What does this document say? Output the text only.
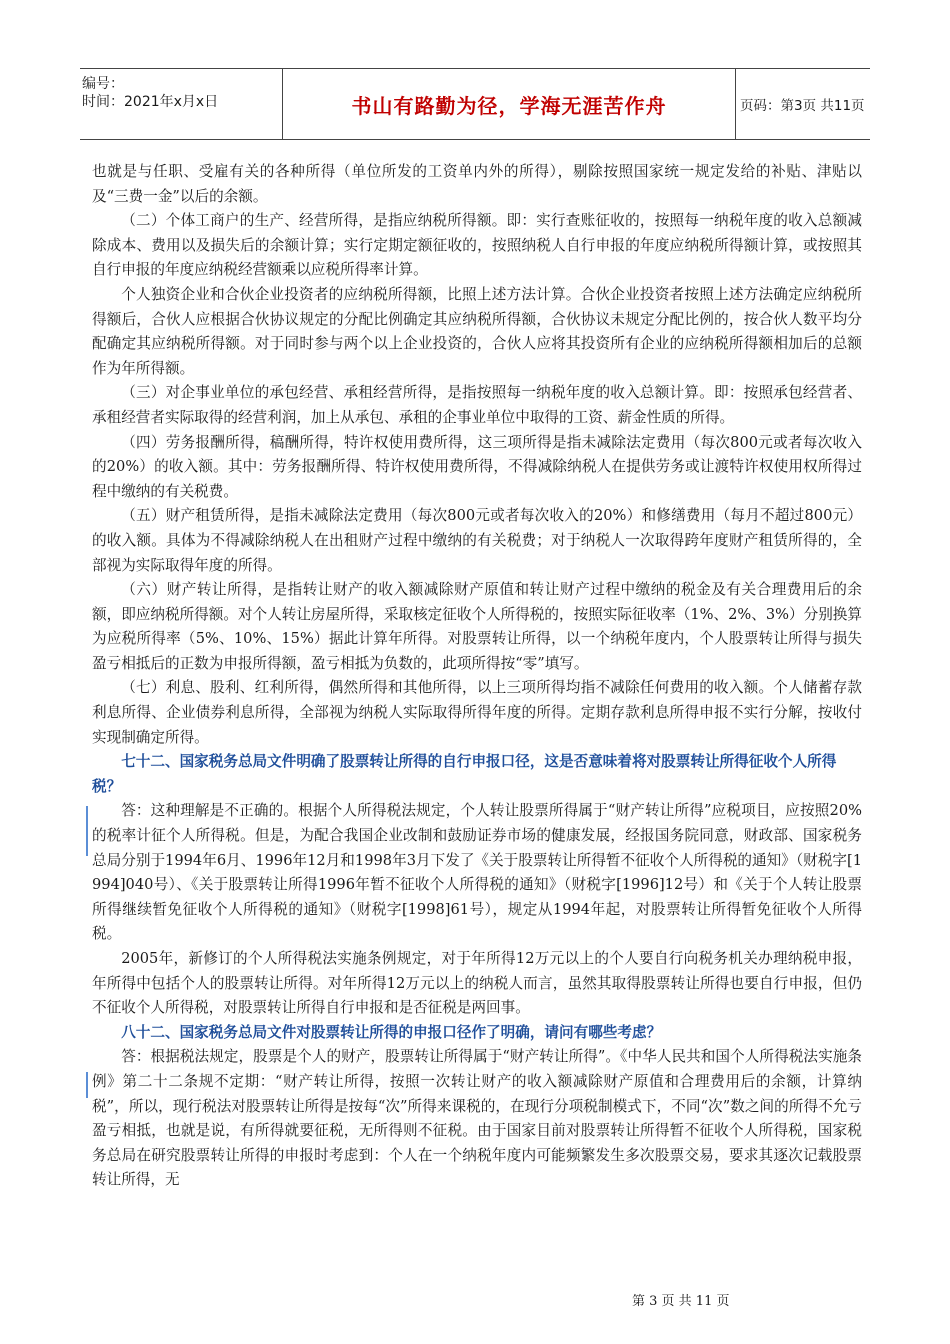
编号：
时间：2021年x月x日	书山有路勤为径，学海无涯苦作舟	页码：第3页 共11页

也就是与任职、受雇有关的各种所得（单位所发的工资单内外的所得），剔除按照国家统一规定发给的补贴、津贴以及“三费一金”以后的余额。

（二）个体工商户的生产、经营所得，是指应纳税所得额。即：实行查账征收的，按照每一纳税年度的收入总额减除成本、费用以及损失后的余额计算；实行定期定额征收的，按照纳税人自行申报的年度应纳税所得额计算，或按照其自行申报的年度应纳税经营额乘以应税所得率计算。

个人独资企业和合伙企业投资者的应纳税所得额，比照上述方法计算。合伙企业投资者按照上述方法确定应纳税所得额后，合伙人应根据合伙协议规定的分配比例确定其应纳税所得额，合伙协议未规定分配比例的，按合伙人数平均分配确定其应纳税所得额。对于同时参与两个以上企业投资的，合伙人应将其投资所有企业的应纳税所得额相加后的总额作为年所得额。

（三）对企事业单位的承包经营、承租经营所得，是指按照每一纳税年度的收入总额计算。即：按照承包经营者、承租经营者实际取得的经营利润，加上从承包、承租的企事业单位中取得的工资、薪金性质的所得。

（四）劳务报酬所得，稿酬所得，特许权使用费所得，这三项所得是指未减除法定费用（每次800元或者每次收入的20%）的收入额。其中：劳务报酬所得、特许权使用费所得，不得减除纳税人在提供劳务或让渡特许权使用权所得过程中缴纳的有关税费。

（五）财产租赁所得，是指未减除法定费用（每次800元或者每次收入的20%）和修缮费用（每月不超过800元）的收入额。具体为不得减除纳税人在出租财产过程中缴纳的有关税费；对于纳税人一次取得跨年度财产租赁所得的，全部视为实际取得年度的所得。

（六）财产转让所得，是指转让财产的收入额减除财产原值和转让财产过程中缴纳的税金及有关合理费用后的余额，即应纳税所得额。对个人转让房屋所得，采取核定征收个人所得税的，按照实际征收率（1%、2%、3%）分别换算为应税所得率（5%、10%、15%）据此计算年所得。对股票转让所得，以一个纳税年度内，个人股票转让所得与损失盈亏相抵后的正数为申报所得额，盈亏相抵为负数的，此项所得按“零”填写。

（七）利息、股利、红利所得，偶然所得和其他所得，以上三项所得均指不减除任何费用的收入额。个人储蓄存款利息所得、企业债券利息所得，全部视为纳税人实际取得所得年度的所得。定期存款利息所得申报不实行分解，按收付实现制确定所得。

七十二、国家税务总局文件明确了股票转让所得的自行申报口径，这是否意味着将对股票转让所得征收个人所得税？

答：这种理解是不正确的。根据个人所得税法规定，个人转让股票所得属于“财产转让所得”应税项目，应按照20%的税率计征个人所得税。但是，为配合我国企业改制和鼓励证券市场的健康发展，经报国务院同意，财政部、国家税务总局分别于1994年6月、1996年12月和1998年3月下发了《关于股票转让所得暂不征收个人所得税的通知》（财税字[1994]040号）、《关于股票转让所得1996年暂不征收个人所得税的通知》（财税字[1996]12号）和《关于个人转让股票所得继续暂免征收个人所得税的通知》（财税字[1998]61号），规定从1994年起，对股票转让所得暂免征收个人所得税。

2005年，新修订的个人所得税法实施条例规定，对于年所得12万元以上的个人要自行向税务机关办理纳税申报，年所得中包括个人的股票转让所得。对年所得12万元以上的纳税人而言，虽然其取得股票转让所得也要自行申报，但仍不征收个人所得税，对股票转让所得自行申报和是否征税是两回事。

八十二、国家税务总局文件对股票转让所得的申报口径作了明确，请问有哪些考虑？

答：根据税法规定，股票是个人的财产，股票转让所得属于“财产转让所得”。《中华人民共和国个人所得税法实施条例》第二十二条规不定期：“财产转让所得，按照一次转让财产的收入额减除财产原值和合理费用后的余额，计算纳税”，所以，现行税法对股票转让所得是按每“次”所得来课税的，在现行分项税制模式下，不同“次”数之间的所得不允亏盈亏相抵，也就是说，有所得就要征税，无所得则不征税。由于国家目前对股票转让所得暂不征收个人所得税，国家税务总局在研究股票转让所得的申报时考虑到：个人在一个纳税年度内可能频繁发生多次股票交易，要求其逐次记载股票转让所得，无

第 3 页 共 11 页
